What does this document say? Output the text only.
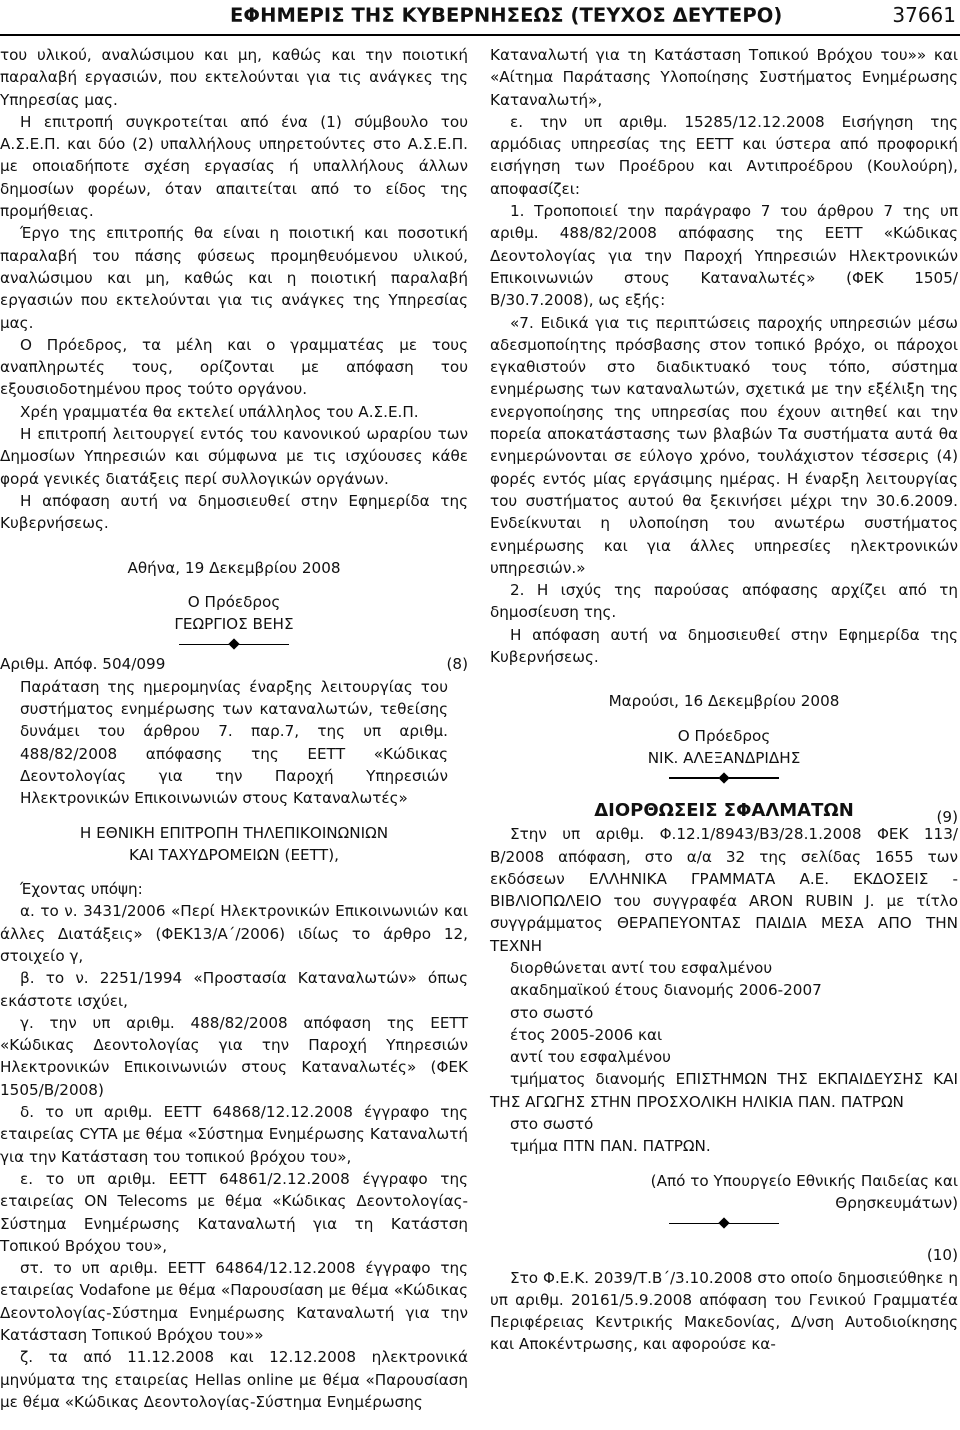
ΕΦΗΜΕΡΙΣ ΤΗΣ ΚΥΒΕΡΝΗΣΕΩΣ (ΤΕΥΧΟΣ ΔΕΥΤΕΡΟ)	37661

του υλικού, αναλώσιμου και μη, καθώς και την ποιοτική παραλαβή εργασιών, που εκτελούνται για τις ανάγκες της Υπηρεσίας μας.

Η επιτροπή συγκροτείται από ένα (1) σύμβουλο του Α.Σ.Ε.Π. και δύο (2) υπαλλήλους υπηρετούντες στο Α.Σ.Ε.Π. με οποιαδήποτε σχέση εργασίας ή υπαλλήλους άλλων δημοσίων φορέων, όταν απαιτείται από το είδος της προμήθειας.

Έργο της επιτροπής θα είναι η ποιοτική και ποσοτική παραλαβή του πάσης φύσεως προμηθευόμενου υλικού, αναλώσιμου και μη, καθώς και η ποιοτική παραλαβή εργασιών που εκτελούνται για τις ανάγκες της Υπηρεσίας μας.

Ο Πρόεδρος, τα μέλη και ο γραμματέας με τους αναπληρωτές τους, ορίζονται με απόφαση του εξουσιοδοτημένου προς τούτο οργάνου.

Χρέη γραμματέα θα εκτελεί υπάλληλος του Α.Σ.Ε.Π.

Η επιτροπή λειτουργεί εντός του κανονικού ωραρίου των Δημοσίων Υπηρεσιών και σύμφωνα με τις ισχύουσες κάθε φορά γενικές διατάξεις περί συλλογικών οργάνων.

Η απόφαση αυτή να δημοσιευθεί στην Εφημερίδα της Κυβερνήσεως.

Αθήνα, 19 Δεκεμβρίου 2008

Ο Πρόεδρος

ΓΕΩΡΓΙΟΣ ΒΕΗΣ

Αριθμ. Απόφ. 504/099	(8)

Παράταση της ημερομηνίας έναρξης λειτουργίας του συστήματος ενημέρωσης των καταναλωτών, τεθείσης δυνάμει του άρθρου 7. παρ.7, της υπ αριθμ. 488/82/2008 απόφασης της ΕΕΤΤ «Κώδικας Δεοντολογίας για την Παροχή Υπηρεσιών Ηλεκτρονικών Επικοινωνιών στους Καταναλωτές»

Η ΕΘΝΙΚΗ ΕΠΙΤΡΟΠΗ ΤΗΛΕΠΙΚΟΙΝΩΝΙΩΝ

ΚΑΙ ΤΑΧΥΔΡΟΜΕΙΩΝ (ΕΕΤΤ),

Έχοντας υπόψη:

α. το ν. 3431/2006 «Περί Ηλεκτρονικών Επικοινωνιών και άλλες Διατάξεις» (ΦΕΚ13/Α΄/2006) ιδίως το άρθρο 12, στοιχείο γ,

β. το ν. 2251/1994 «Προστασία Καταναλωτών» όπως εκάστοτε ισχύει,

γ. την υπ αριθμ. 488/82/2008 απόφαση της ΕΕΤΤ «Κώδικας Δεοντολογίας για την Παροχή Υπηρεσιών Ηλεκτρονικών Επικοινωνιών στους Καταναλωτές» (ΦΕΚ 1505/Β/2008)

δ. το υπ αριθμ. ΕΕΤΤ 64868/12.12.2008 έγγραφο της εταιρείας CYTA με θέμα «Σύστημα Ενημέρωσης Καταναλωτή για την Κατάσταση του τοπικού βρόχου του»,

ε. το υπ αριθμ. ΕΕΤΤ 64861/2.12.2008 έγγραφο της εταιρείας ON Telecoms με θέμα «Κώδικας Δεοντολογίας-Σύστημα Ενημέρωσης Καταναλωτή για τη Κατάστση Τοπικού Βρόχου του»,

στ. το υπ αριθμ. ΕΕΤΤ 64864/12.12.2008 έγγραφο της εταιρείας Vodafone με θέμα «Παρουσίαση με θέμα «Κώδικας Δεοντολογίας-Σύστημα Ενημέρωσης Καταναλωτή για την Κατάσταση Τοπικού Βρόχου του»»

ζ. τα από 11.12.2008 και 12.12.2008 ηλεκτρονικά μηνύματα της εταιρείας Hellas online με θέμα «Παρουσίαση με θέμα «Κώδικας Δεοντολογίας-Σύστημα Ενημέρωσης

Καταναλωτή για τη Κατάσταση Τοπικού Βρόχου του»» και «Αίτημα Παράτασης Υλοποίησης Συστήματος Ενημέρωσης Καταναλωτή»,

ε. την υπ αριθμ. 15285/12.12.2008 Εισήγηση της αρμόδιας υπηρεσίας της ΕΕΤΤ και ύστερα από προφορική εισήγηση των Προέδρου και Αντιπροέδρου (Κουλούρη), αποφασίζει:

1. Τροποποιεί την παράγραφο 7 του άρθρου 7 της υπ αριθμ. 488/82/2008 απόφασης της ΕΕΤΤ «Κώδικας Δεοντολογίας για την Παροχή Υπηρεσιών Ηλεκτρονικών Επικοινωνιών στους Καταναλωτές» (ΦΕΚ 1505/Β/30.7.2008), ως εξής:

«7. Ειδικά για τις περιπτώσεις παροχής υπηρεσιών μέσω αδεσμοποίητης πρόσβασης στον τοπικό βρόχο, οι πάροχοι εγκαθιστούν στο διαδικτυακό τους τόπο, σύστημα ενημέρωσης των καταναλωτών, σχετικά με την εξέλιξη της ενεργοποίησης της υπηρεσίας που έχουν αιτηθεί και την πορεία αποκατάστασης των βλαβών Τα συστήματα αυτά θα ενημερώνονται σε εύλογο χρόνο, τουλάχιστον τέσσερις (4) φορές εντός μίας εργάσιμης ημέρας. Η έναρξη λειτουργίας του συστήματος αυτού θα ξεκινήσει μέχρι την 30.6.2009. Ενδείκνυται η υλοποίηση του ανωτέρω συστήματος ενημέρωσης και για άλλες υπηρεσίες ηλεκτρονικών υπηρεσιών.»

2. Η ισχύς της παρούσας απόφασης αρχίζει από τη δημοσίευση της.

Η απόφαση αυτή να δημοσιευθεί στην Εφημερίδα της Κυβερνήσεως.

Μαρούσι, 16 Δεκεμβρίου 2008

Ο Πρόεδρος

ΝΙΚ. ΑΛΕΞΑΝΔΡΙΔΗΣ

ΔΙΟΡΘΩΣΕΙΣ ΣΦΑΛΜΑΤΩΝ	(9)

Στην υπ αριθμ. Φ.12.1/8943/Β3/28.1.2008 ΦΕΚ 113/Β/2008 απόφαση, στο α/α 32 της σελίδας 1655 των εκδόσεων ΕΛΛΗΝΙΚΑ ΓΡΑΜΜΑΤΑ Α.Ε. ΕΚΔΟΣΕΙΣ - ΒΙΒΛΙΟΠΩΛΕΙΟ του συγγραφέα ARON RUBIN J. με τίτλο συγγράμματος ΘΕΡΑΠΕΥΟΝΤΑΣ ΠΑΙΔΙΑ ΜΕΣΑ ΑΠΟ ΤΗΝ ΤΕΧΝΗ

διορθώνεται αντί του εσφαλμένου

ακαδημαϊκού έτους διανομής 2006-2007

στο σωστό

έτος 2005-2006 και

αντί του εσφαλμένου

τμήματος διανομής ΕΠΙΣΤΗΜΩΝ ΤΗΣ ΕΚΠΑΙΔΕΥΣΗΣ ΚΑΙ ΤΗΣ ΑΓΩΓΗΣ ΣΤΗΝ ΠΡΟΣΧΟΛΙΚΗ ΗΛΙΚΙΑ ΠΑΝ. ΠΑΤΡΩΝ

στο σωστό

τμήμα ΠΤΝ ΠΑΝ. ΠΑΤΡΩΝ.

(Από το Υπουργείο Εθνικής Παιδείας και Θρησκευμάτων)

(10)

Στο Φ.Ε.Κ. 2039/Τ.Β΄/3.10.2008 στο οποίο δημοσιεύθηκε η υπ αριθμ. 20161/5.9.2008 απόφαση του Γενικού Γραμματέα Περιφέρειας Κεντρικής Μακεδονίας, Δ/νση Αυτοδιοίκησης και Αποκέντρωσης, και αφορούσε κα-
